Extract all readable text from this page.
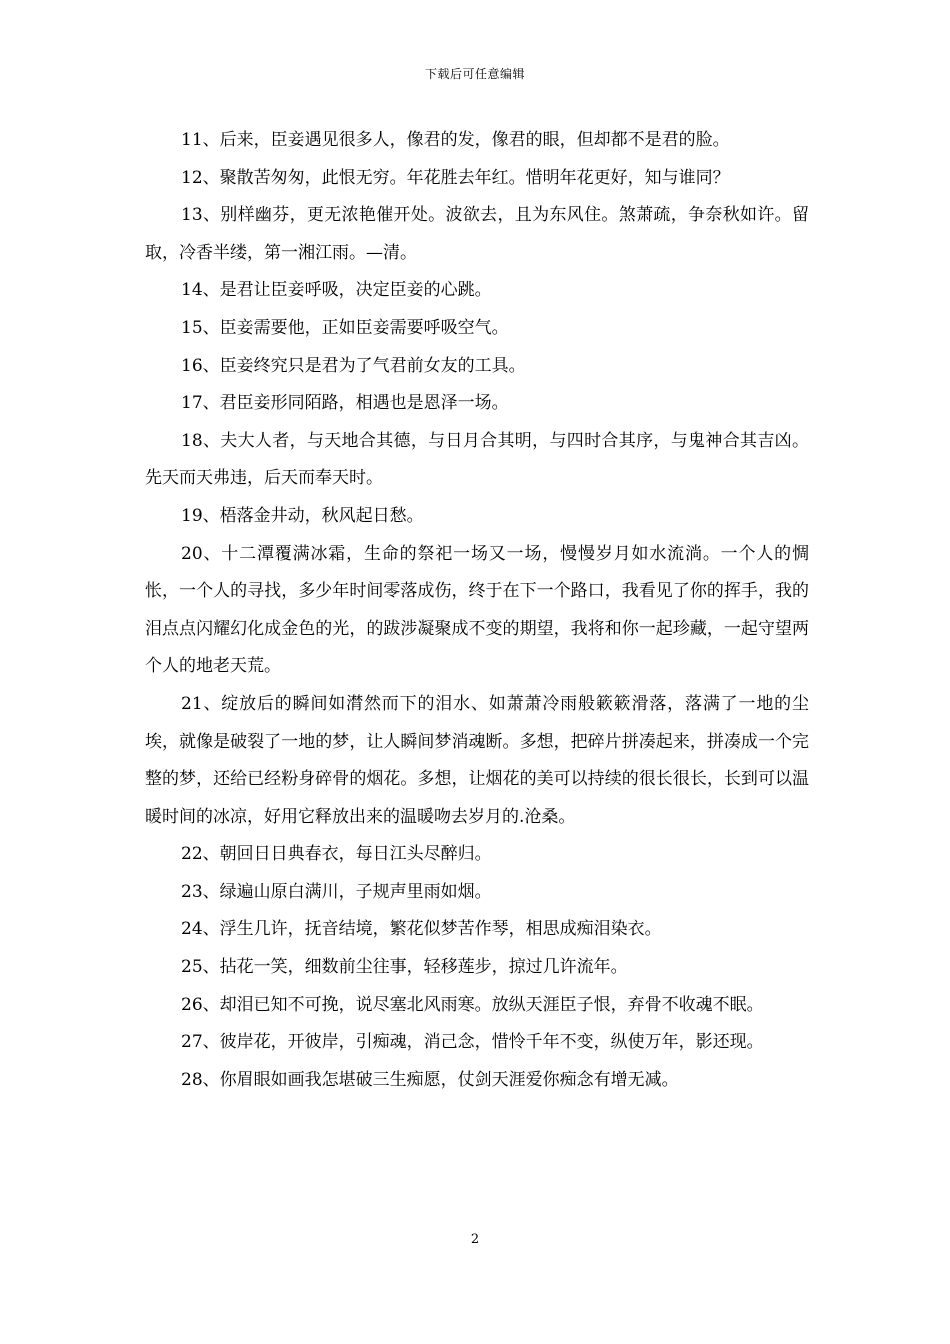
下载后可任意编辑

11、后来，臣妾遇见很多人，像君的发，像君的眼，但却都不是君的脸。

12、聚散苦匆匆，此恨无穷。年花胜去年红。惜明年花更好，知与谁同？

13、别样幽芬，更无浓艳催开处。波欲去，且为东风住。煞萧疏，争奈秋如许。留取，冷香半缕，第一湘江雨。—清。

14、是君让臣妾呼吸，决定臣妾的心跳。

15、臣妾需要他，正如臣妾需要呼吸空气。

16、臣妾终究只是君为了气君前女友的工具。

17、君臣妾形同陌路，相遇也是恩泽一场。

18、夫大人者，与天地合其德，与日月合其明，与四时合其序，与鬼神合其吉凶。先天而天弗违，后天而奉天时。

19、梧落金井动，秋风起日愁。

20、十二潭覆满冰霜，生命的祭祀一场又一场，慢慢岁月如水流淌。一个人的惆怅，一个人的寻找，多少年时间零落成伤，终于在下一个路口，我看见了你的挥手，我的泪点点闪耀幻化成金色的光，的跋涉凝聚成不变的期望，我将和你一起珍藏，一起守望两个人的地老天荒。

21、绽放后的瞬间如潸然而下的泪水、如萧萧冷雨般簌簌滑落，落满了一地的尘埃，就像是破裂了一地的梦，让人瞬间梦消魂断。多想，把碎片拼凑起来，拼凑成一个完整的梦，还给已经粉身碎骨的烟花。多想，让烟花的美可以持续的很长很长，长到可以温暖时间的冰凉，好用它释放出来的温暖吻去岁月的.沧桑。

22、朝回日日典春衣，每日江头尽醉归。

23、绿遍山原白满川，子规声里雨如烟。

24、浮生几许，抚音结境，繁花似梦苦作琴，相思成痴泪染衣。

25、拈花一笑，细数前尘往事，轻移莲步，掠过几许流年。

26、却泪已知不可挽，说尽塞北风雨寒。放纵天涯臣子恨，弃骨不收魂不眠。

27、彼岸花，开彼岸，引痴魂，消己念，惜怜千年不变，纵使万年，影还现。

28、你眉眼如画我怎堪破三生痴愿，仗剑天涯爱你痴念有增无减。

2
